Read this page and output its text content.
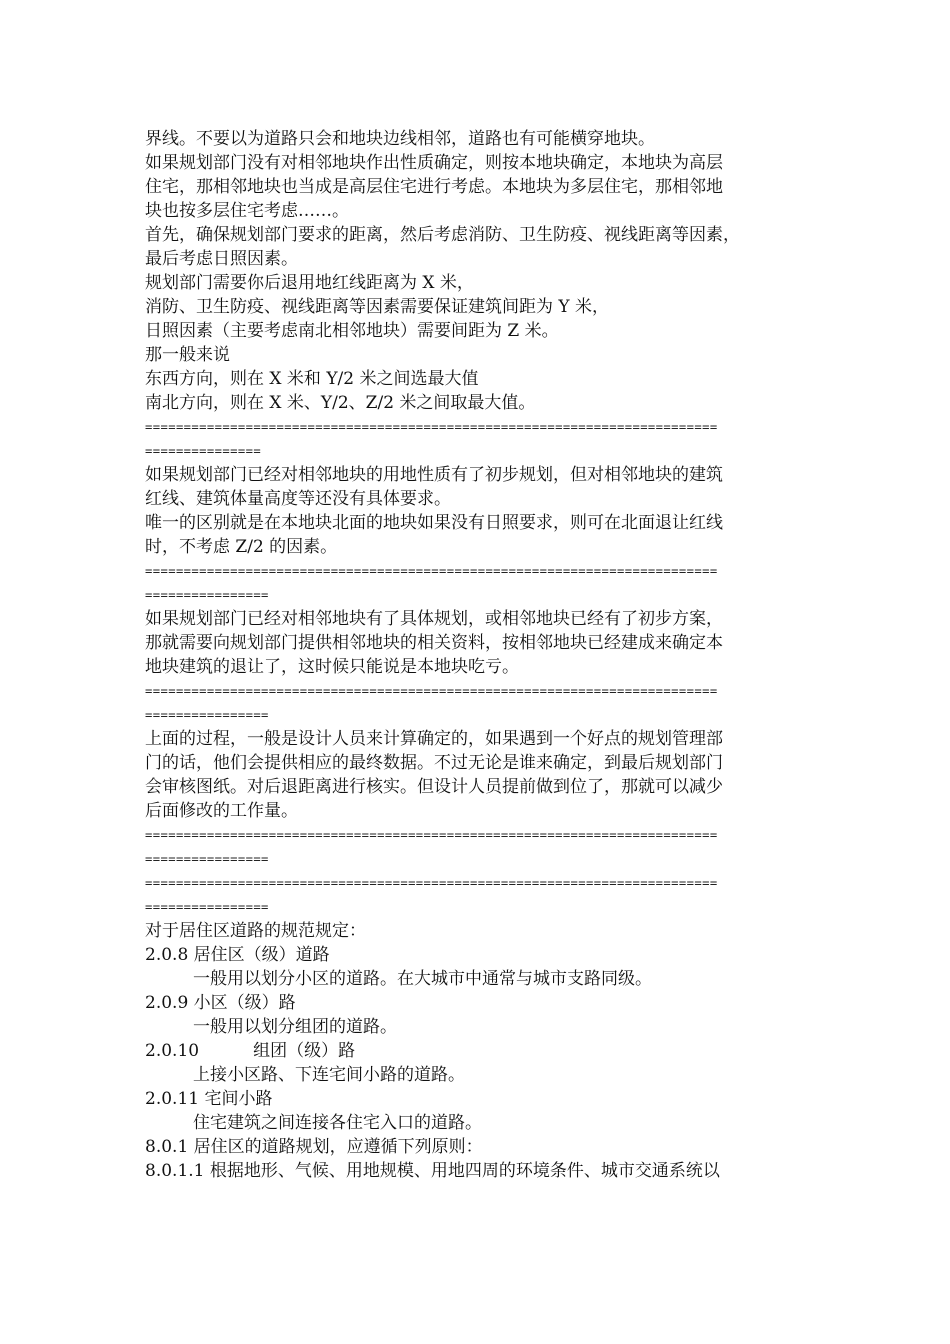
界线。不要以为道路只会和地块边线相邻，道路也有可能横穿地块。
如果规划部门没有对相邻地块作出性质确定，则按本地块确定，本地块为高层
住宅，那相邻地块也当成是高层住宅进行考虑。本地块为多层住宅，那相邻地
块也按多层住宅考虑……。
首先，确保规划部门要求的距离，然后考虑消防、卫生防疫、视线距离等因素，
最后考虑日照因素。
规划部门需要你后退用地红线距离为 X 米，
消防、卫生防疫、视线距离等因素需要保证建筑间距为 Y 米，
日照因素（主要考虑南北相邻地块）需要间距为 Z 米。
那一般来说
东西方向，则在 X 米和 Y/2 米之间选最大值
南北方向，则在 X 米、Y/2、Z/2 米之间取最大值。
==========================================================================
===============
如果规划部门已经对相邻地块的用地性质有了初步规划，但对相邻地块的建筑
红线、建筑体量高度等还没有具体要求。
唯一的区别就是在本地块北面的地块如果没有日照要求，则可在北面退让红线
时，不考虑 Z/2 的因素。
==========================================================================
================
如果规划部门已经对相邻地块有了具体规划，或相邻地块已经有了初步方案，
那就需要向规划部门提供相邻地块的相关资料，按相邻地块已经建成来确定本
地块建筑的退让了，这时候只能说是本地块吃亏。
==========================================================================
================
上面的过程，一般是设计人员来计算确定的，如果遇到一个好点的规划管理部
门的话，他们会提供相应的最终数据。不过无论是谁来确定，到最后规划部门
会审核图纸。对后退距离进行核实。但设计人员提前做到位了，那就可以减少
后面修改的工作量。
==========================================================================
================
==========================================================================
================
对于居住区道路的规范规定：
2.0.8 居住区（级）道路
一般用以划分小区的道路。在大城市中通常与城市支路同级。
2.0.9 小区（级）路
一般用以划分组团的道路。
2.0.10	组团（级）路
上接小区路、下连宅间小路的道路。
2.0.11 宅间小路
住宅建筑之间连接各住宅入口的道路。
8.0.1 居住区的道路规划，应遵循下列原则：
8.0.1.1 根据地形、气候、用地规模、用地四周的环境条件、城市交通系统以
